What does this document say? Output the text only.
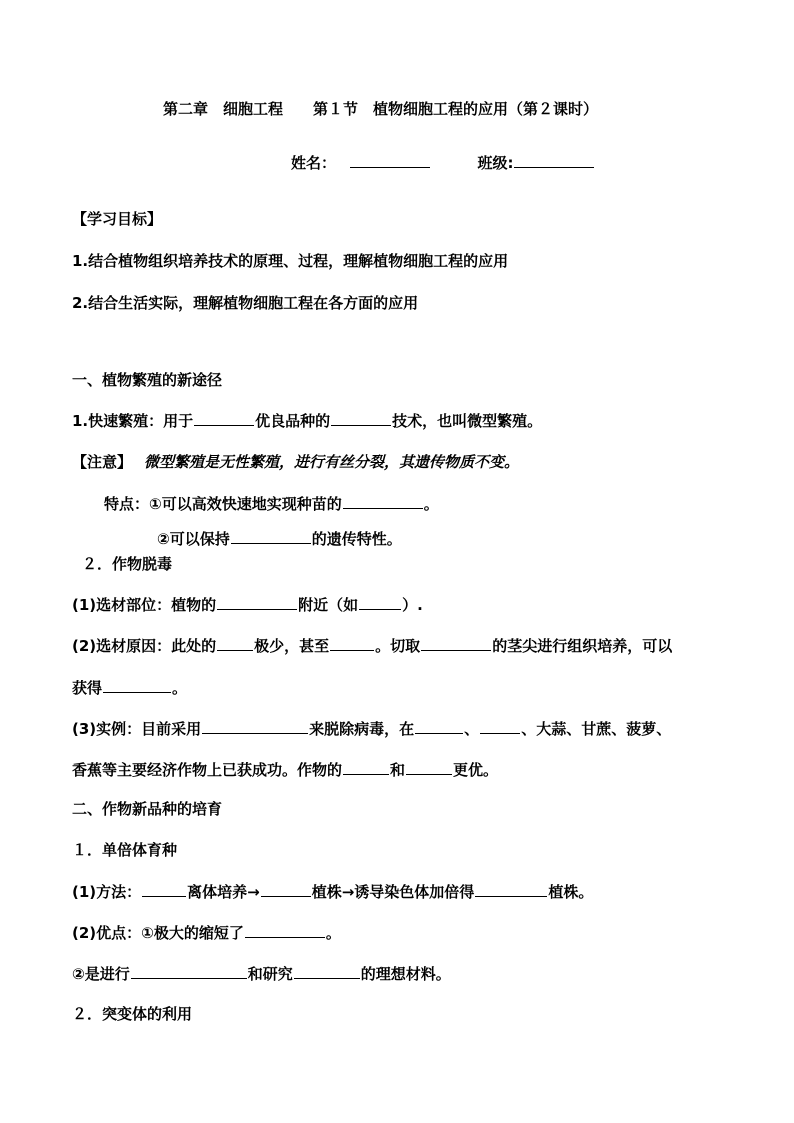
第二章　细胞工程　　第１节　植物细胞工程的应用（第２课时）
姓名：	班级:
【学习目标】
1.结合植物组织培养技术的原理、过程，理解植物细胞工程的应用
2.结合生活实际，理解植物细胞工程在各方面的应用
一、植物繁殖的新途径
1.快速繁殖：用于	优良品种的	技术，也叫微型繁殖。
【注意】 微型繁殖是无性繁殖，进行有丝分裂，其遗传物质不变。
特点：①可以高效快速地实现种苗的	。
②可以保持	的遗传特性。
２．作物脱毒
(1)选材部位：植物的	附近（如	）.
(2)选材原因：此处的	极少，甚至	。切取	的茎尖进行组织培养，可以
获得	。
(3)实例：目前采用	来脱除病毒，在	、	、大蒜、甘蔗、菠萝、
香蕉等主要经济作物上已获成功。作物的	和	更优。
二、作物新品种的培育
１．单倍体育种
(1)方法：	离体培养→	植株→诱导染色体加倍得	植株。
(2)优点：①极大的缩短了	。
②是进行	和研究	的理想材料。
２．突变体的利用
